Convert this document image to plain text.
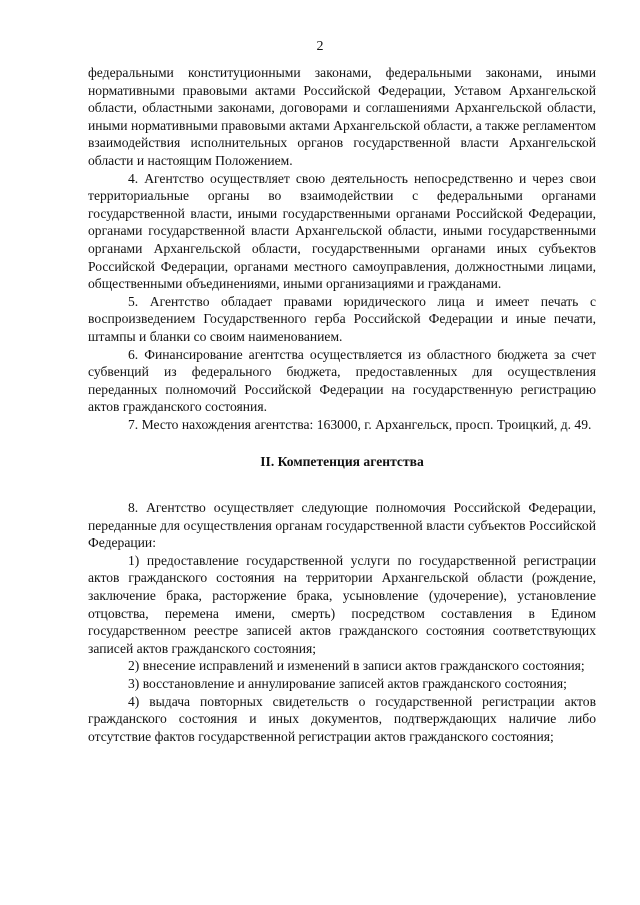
2

федеральными конституционными законами, федеральными законами, иными нормативными правовыми актами Российской Федерации, Уставом Архангельской области, областными законами, договорами и соглашениями Архангельской области, иными нормативными правовыми актами Архангельской области, а также регламентом взаимодействия исполнительных органов государственной власти Архангельской области и настоящим Положением.

4. Агентство осуществляет свою деятельность непосредственно и через свои территориальные органы во взаимодействии с федеральными органами государственной власти, иными государственными органами Российской Федерации, органами государственной власти Архангельской области, иными государственными органами Архангельской области, государственными органами иных субъектов Российской Федерации, органами местного самоуправления, должностными лицами, общественными объединениями, иными организациями и гражданами.

5. Агентство обладает правами юридического лица и имеет печать с воспроизведением Государственного герба Российской Федерации и иные печати, штампы и бланки со своим наименованием.

6. Финансирование агентства осуществляется из областного бюджета за счет субвенций из федерального бюджета, предоставленных для осуществления переданных полномочий Российской Федерации на государственную регистрацию актов гражданского состояния.

7. Место нахождения агентства: 163000, г. Архангельск, просп. Троицкий, д. 49.

II. Компетенция агентства

8. Агентство осуществляет следующие полномочия Российской Федерации, переданные для осуществления органам государственной власти субъектов Российской Федерации:

1) предоставление государственной услуги по государственной регистрации актов гражданского состояния на территории Архангельской области (рождение, заключение брака, расторжение брака, усыновление (удочерение), установление отцовства, перемена имени, смерть) посредством составления в Едином государственном реестре записей актов гражданского состояния соответствующих записей актов гражданского состояния;

2) внесение исправлений и изменений в записи актов гражданского состояния;

3) восстановление и аннулирование записей актов гражданского состояния;

4) выдача повторных свидетельств о государственной регистрации актов гражданского состояния и иных документов, подтверждающих наличие либо отсутствие фактов государственной регистрации актов гражданского состояния;
